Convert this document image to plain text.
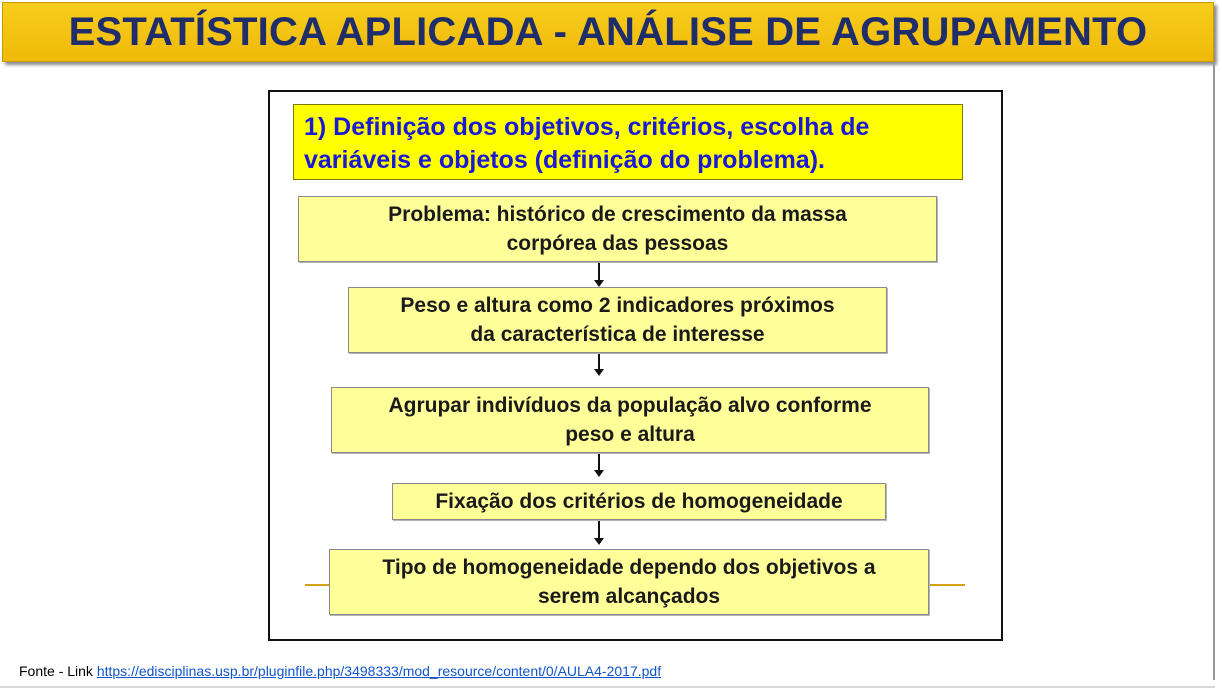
ESTATÍSTICA APLICADA - ANÁLISE DE AGRUPAMENTO
1) Definição dos objetivos, critérios, escolha de
variáveis e objetos (definição do problema).
Problema: histórico de crescimento da massa
corpórea das pessoas
Peso e altura como 2 indicadores próximos
da característica de interesse
Agrupar indivíduos da população alvo conforme
peso e altura
Fixação dos critérios de homogeneidade
Tipo de homogeneidade dependo dos objetivos a
serem alcançados
Fonte - Link https://edisciplinas.usp.br/pluginfile.php/3498333/mod_resource/content/0/AULA4-2017.pdf
